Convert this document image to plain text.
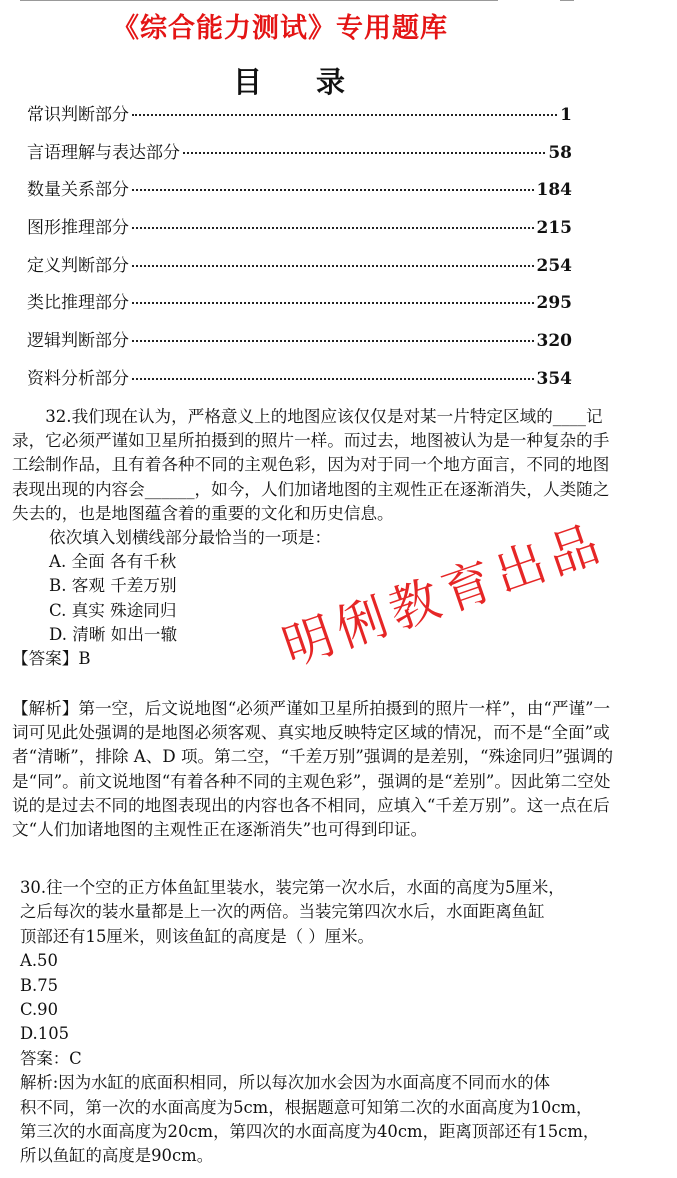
《综合能力测试》专用题库
目 录
常识判断部分	1
言语理解与表达部分	58
数量关系部分	184
图形推理部分	215
定义判断部分	254
类比推理部分	295
逻辑判断部分	320
资料分析部分	354

32.我们现在认为，严格意义上的地图应该仅仅是对某一片特定区域的____记录，它必须严谨如卫星所拍摄到的照片一样。而过去，地图被认为是一种复杂的手工绘制作品，且有着各种不同的主观色彩，因为对于同一个地方面言，不同的地图表现出现的内容会______，如今，人们加诸地图的主观性正在逐渐消失，人类随之失去的，也是地图蕴含着的重要的文化和历史信息。

依次填入划横线部分最恰当的一项是：

A. 全面 各有千秋

B. 客观 千差万别

C. 真实 殊途同归

D. 清晰 如出一辙

【答案】B

【解析】第一空，后文说地图“必须严谨如卫星所拍摄到的照片一样”，由“严谨”一词可见此处强调的是地图必须客观、真实地反映特定区域的情况，而不是“全面”或者“清晰”，排除 A、D 项。第二空，“千差万别”强调的是差别，“殊途同归”强调的是“同”。前文说地图“有着各种不同的主观色彩”，强调的是“差别”。因此第二空处说的是过去不同的地图表现出的内容也各不相同，应填入“千差万别”。这一点在后文“人们加诸地图的主观性正在逐渐消失”也可得到印证。

30.往一个空的正方体鱼缸里装水，装完第一次水后，水面的高度为5厘米，
之后每次的装水量都是上一次的两倍。当装完第四次水后，水面距离鱼缸
顶部还有15厘米，则该鱼缸的高度是（ ）厘米。
A.50
B.75
C.90
D.105
答案：C
解析:因为水缸的底面积相同，所以每次加水会因为水面高度不同而水的体
积不同，第一次的水面高度为5cm，根据题意可知第二次的水面高度为10cm，
第三次的水面高度为20cm，第四次的水面高度为40cm，距离顶部还有15cm，
所以鱼缸的高度是90cm。
明俐教育出品
